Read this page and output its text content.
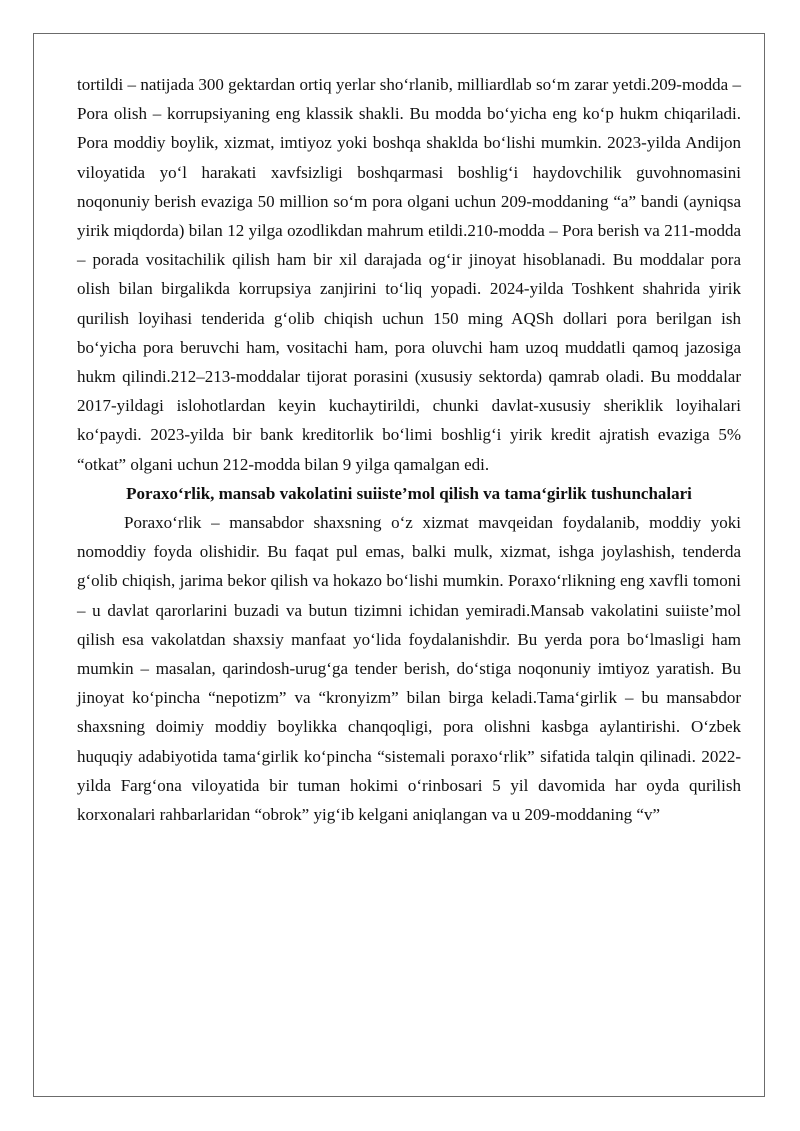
tortildi – natijada 300 gektardan ortiq yerlar sho‘rlanib, milliardlab so‘m zarar yetdi.209-modda – Pora olish – korrupsiyaning eng klassik shakli. Bu modda bo‘yicha eng ko‘p hukm chiqariladi. Pora moddiy boylik, xizmat, imtiyoz yoki boshqa shaklda bo‘lishi mumkin. 2023-yilda Andijon viloyatida yo‘l harakati xavfsizligi boshqarmasi boshlig‘i haydovchilik guvohnomasini noqonuniy berish evaziga 50 million so‘m pora olgani uchun 209-moddaning “a” bandi (ayniqsa yirik miqdorda) bilan 12 yilga ozodlikdan mahrum etildi.210-modda – Pora berish va 211-modda – porada vositachilik qilish ham bir xil darajada og‘ir jinoyat hisoblanadi. Bu moddalar pora olish bilan birgalikda korrupsiya zanjirini to‘liq yopadi. 2024-yilda Toshkent shahrida yirik qurilish loyihasi tenderida g‘olib chiqish uchun 150 ming AQSh dollari pora berilgan ish bo‘yicha pora beruvchi ham, vositachi ham, pora oluvchi ham uzoq muddatli qamoq jazosiga hukm qilindi.212–213-moddalar tijorat porasini (xususiy sektorda) qamrab oladi. Bu moddalar 2017-yildagi islohotlardan keyin kuchaytirildi, chunki davlat-xususiy sheriklik loyihalari ko‘paydi. 2023-yilda bir bank kreditorlik bo‘limi boshlig‘i yirik kredit ajratish evaziga 5% “otkat” olgani uchun 212-modda bilan 9 yilga qamalgan edi.

Poraxo‘rlik, mansab vakolatini suiiste’mol qilish va tama‘girlik tushunchalari

Poraxo‘rlik – mansabdor shaxsning o‘z xizmat mavqeidan foydalanib, moddiy yoki nomoddiy foyda olishidir. Bu faqat pul emas, balki mulk, xizmat, ishga joylashish, tenderda g‘olib chiqish, jarima bekor qilish va hokazo bo‘lishi mumkin. Poraxo‘rlikning eng xavfli tomoni – u davlat qarorlarini buzadi va butun tizimni ichidan yemiradi.Mansab vakolatini suiiste’mol qilish esa vakolatdan shaxsiy manfaat yo‘lida foydalanishdir. Bu yerda pora bo‘lmasligi ham mumkin – masalan, qarindosh-urug‘ga tender berish, do‘stiga noqonuniy imtiyoz yaratish. Bu jinoyat ko‘pincha “nepotizm” va “kronyizm” bilan birga keladi.Tama‘girlik – bu mansabdor shaxsning doimiy moddiy boylikka chanqoqligi, pora olishni kasbga aylantirishi. O‘zbek huquqiy adabiyotida tama‘girlik ko‘pincha “sistemali poraxo‘rlik” sifatida talqin qilinadi. 2022-yilda Farg‘ona viloyatida bir tuman hokimi o‘rinbosari 5 yil davomida har oyda qurilish korxonalari rahbarlaridan “obrok” yig‘ib kelgani aniqlangan va u 209-moddaning “v”
